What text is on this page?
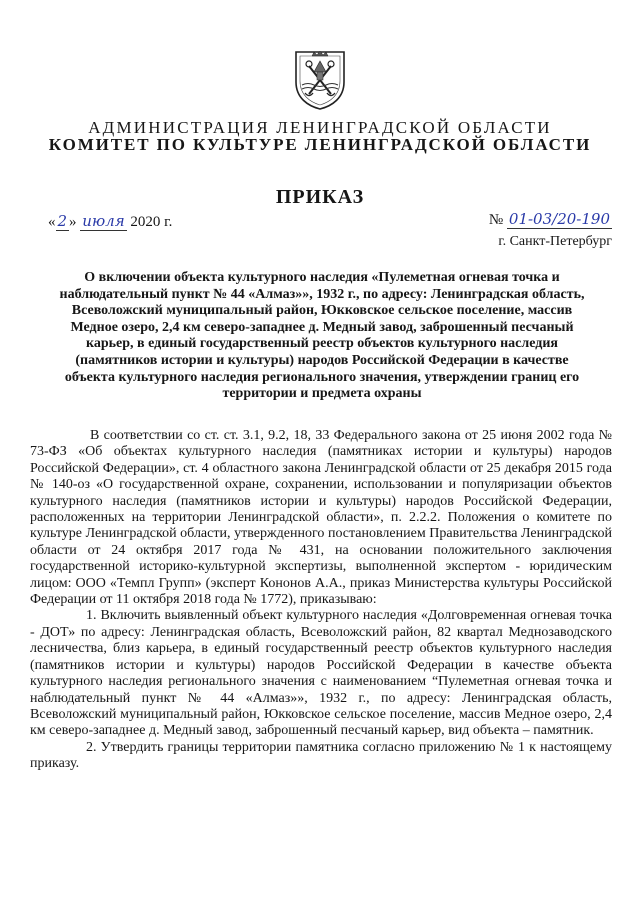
АДМИНИСТРАЦИЯ ЛЕНИНГРАДСКОЙ ОБЛАСТИ
КОМИТЕТ ПО КУЛЬТУРЕ ЛЕНИНГРАДСКОЙ ОБЛАСТИ
ПРИКАЗ
« 2 » июля 2020 г.	№ 01-03/20-190
г. Санкт-Петербург
О включении объекта культурного наследия «Пулеметная огневая точка и наблюдательный пункт № 44 «Алмаз»», 1932 г., по адресу: Ленинградская область, Всеволожский муниципальный район, Юкковское сельское поселение, массив Медное озеро, 2,4 км северо-западнее д. Медный завод, заброшенный песчаный карьер, в единый государственный реестр объектов культурного наследия (памятников истории и культуры) народов Российской Федерации в качестве объекта культурного наследия регионального значения, утверждении границ его территории и предмета охраны

В соответствии со ст. ст. 3.1, 9.2, 18, 33 Федерального закона от 25 июня 2002 года № 73-ФЗ «Об объектах культурного наследия (памятниках истории и культуры) народов Российской Федерации», ст. 4 областного закона Ленинградской области от 25 декабря 2015 года № 140-оз «О государственной охране, сохранении, использовании и популяризации объектов культурного наследия (памятников истории и культуры) народов Российской Федерации, расположенных на территории Ленинградской области», п. 2.2.2. Положения о комитете по культуре Ленинградской области, утвержденного постановлением Правительства Ленинградской области от 24 октября 2017 года № 431, на основании положительного заключения государственной историко-культурной экспертизы, выполненной экспертом - юридическим лицом: ООО «Темпл Групп» (эксперт Кононов А.А., приказ Министерства культуры Российской Федерации от 11 октября 2018 года № 1772), приказываю:

1. Включить выявленный объект культурного наследия «Долговременная огневая точка - ДОТ» по адресу: Ленинградская область, Всеволожский район, 82 квартал Меднозаводского лесничества, близ карьера, в единый государственный реестр объектов культурного наследия (памятников истории и культуры) народов Российской Федерации в качестве объекта культурного наследия регионального значения с наименованием “Пулеметная огневая точка и наблюдательный пункт № 44 «Алмаз»», 1932 г., по адресу: Ленинградская область, Всеволожский муниципальный район, Юкковское сельское поселение, массив Медное озеро, 2,4 км северо-западнее д. Медный завод, заброшенный песчаный карьер, вид объекта – памятник.

2. Утвердить границы территории памятника согласно приложению № 1 к настоящему приказу.
